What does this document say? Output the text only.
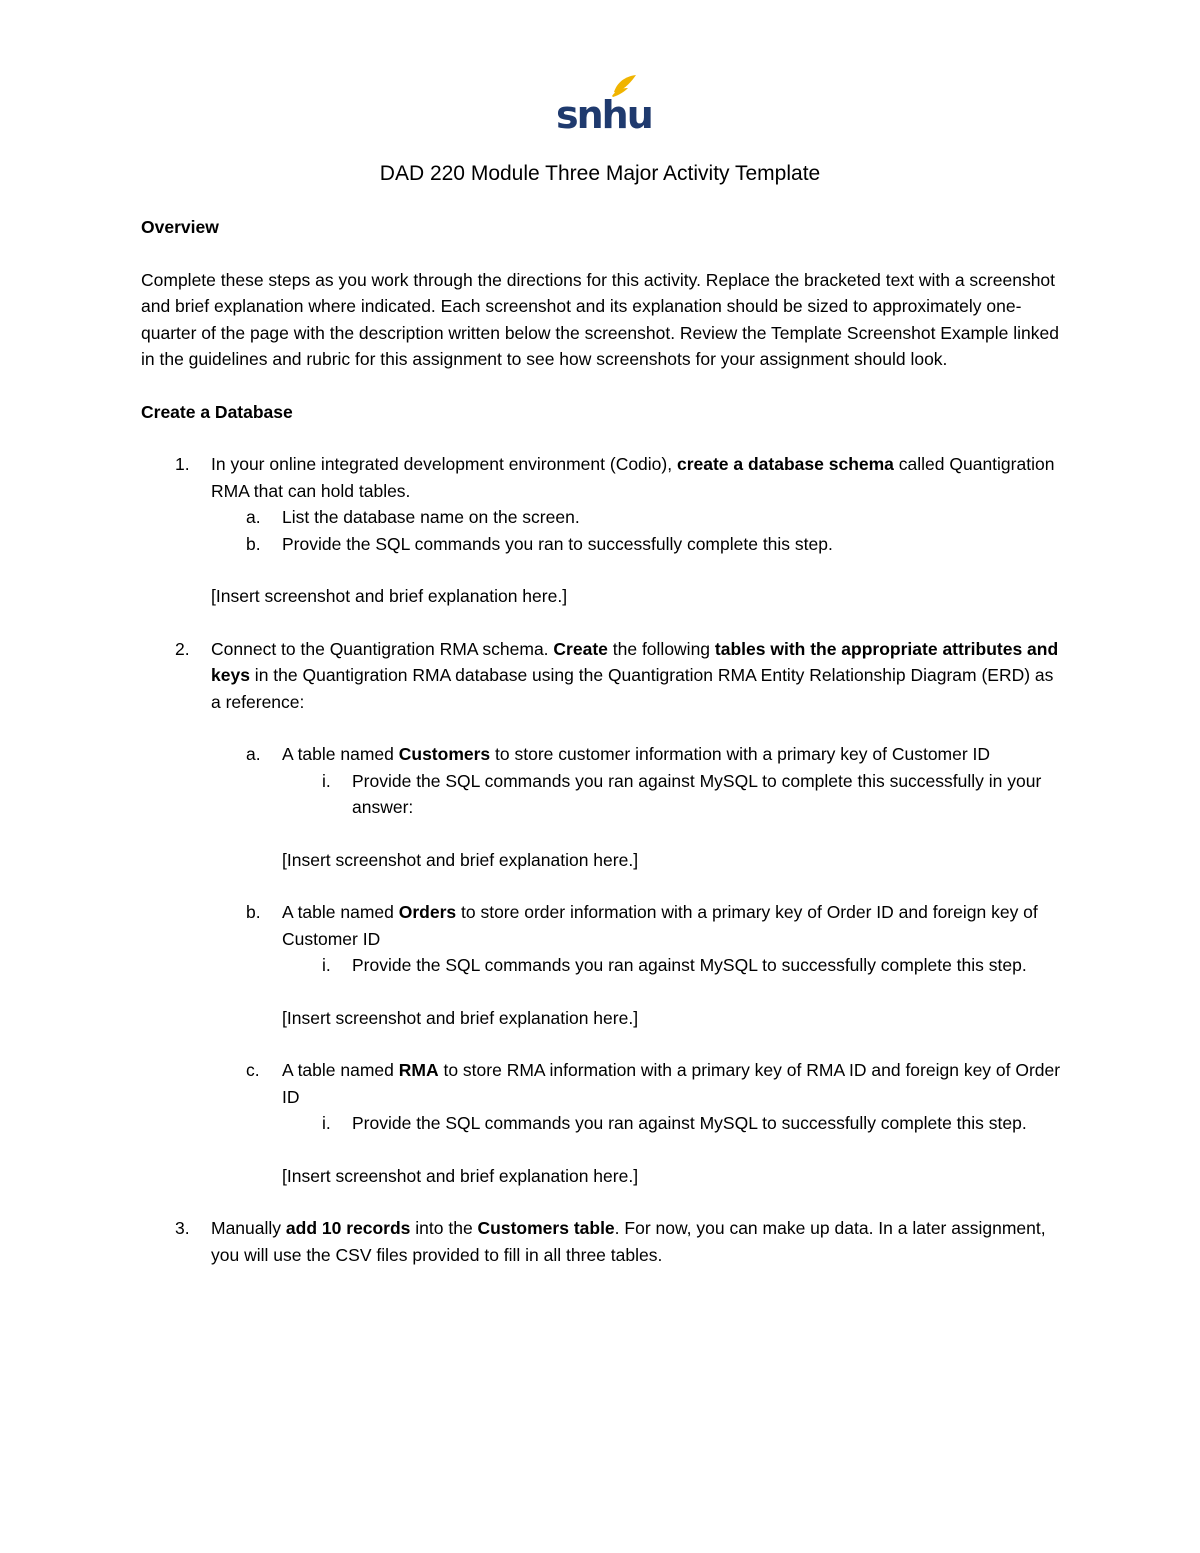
snhu
DAD 220 Module Three Major Activity Template
Overview

Complete these steps as you work through the directions for this activity. Replace the bracketed text with a screenshot and brief explanation where indicated. Each screenshot and its explanation should be sized to approximately one-quarter of the page with the description written below the screenshot. Review the Template Screenshot Example linked in the guidelines and rubric for this assignment to see how screenshots for your assignment should look.

Create a Database
1. In your online integrated development environment (Codio), create a database schema called Quantigration RMA that can hold tables.
a. List the database name on the screen.
b. Provide the SQL commands you ran to successfully complete this step.

[Insert screenshot and brief explanation here.]

2. Connect to the Quantigration RMA schema. Create the following tables with the appropriate attributes and keys in the Quantigration RMA database using the Quantigration RMA Entity Relationship Diagram (ERD) as a reference:
a. A table named Customers to store customer information with a primary key of Customer ID
i. Provide the SQL commands you ran against MySQL to complete this successfully in your answer:

[Insert screenshot and brief explanation here.]

b. A table named Orders to store order information with a primary key of Order ID and foreign key of Customer ID
i. Provide the SQL commands you ran against MySQL to successfully complete this step.

[Insert screenshot and brief explanation here.]

c. A table named RMA to store RMA information with a primary key of RMA ID and foreign key of Order ID
i. Provide the SQL commands you ran against MySQL to successfully complete this step.

[Insert screenshot and brief explanation here.]

3. Manually add 10 records into the Customers table. For now, you can make up data. In a later assignment, you will use the CSV files provided to fill in all three tables.
